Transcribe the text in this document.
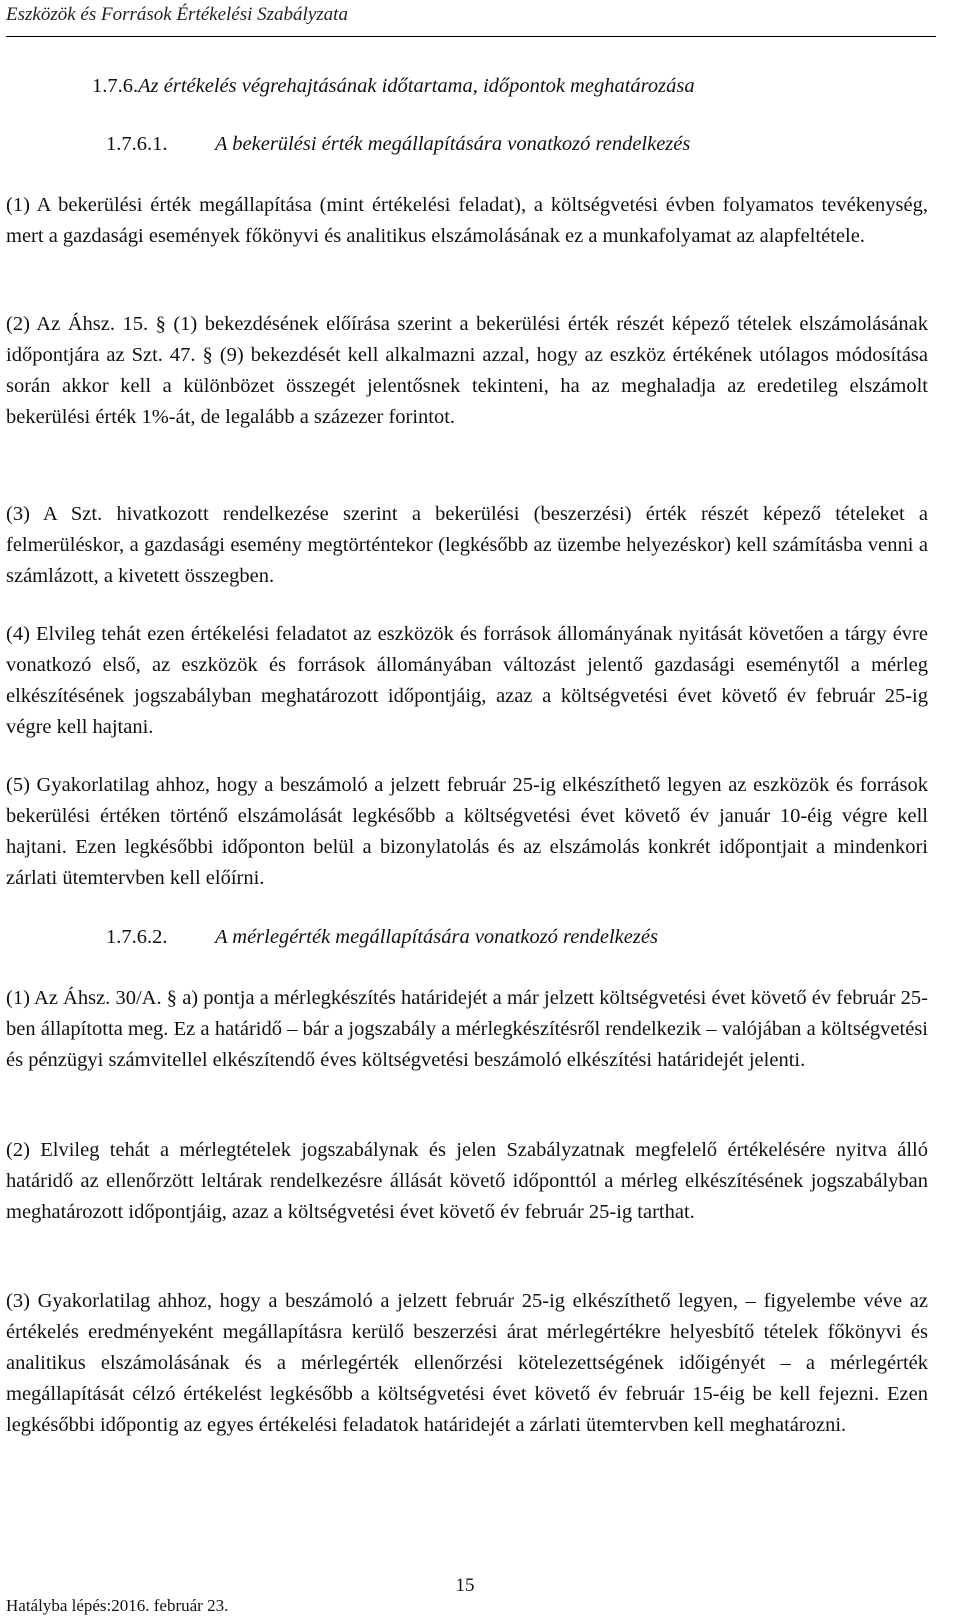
Eszközök és Források Értékelési Szabályzata
1.7.6.Az értékelés végrehajtásának időtartama, időpontok meghatározása
1.7.6.1. A bekerülési érték megállapítására vonatkozó rendelkezés

(1) A bekerülési érték megállapítása (mint értékelési feladat), a költségvetési évben folyamatos tevékenység, mert a gazdasági események főkönyvi és analitikus elszámolásának ez a munkafolyamat az alapfeltétele.

(2) Az Áhsz. 15. § (1) bekezdésének előírása szerint a bekerülési érték részét képező tételek elszámolásának időpontjára az Szt. 47. § (9) bekezdését kell alkalmazni azzal, hogy az eszköz értékének utólagos módosítása során akkor kell a különbözet összegét jelentősnek tekinteni, ha az meghaladja az eredetileg elszámolt bekerülési érték 1%-át, de legalább a százezer forintot.

(3) A Szt. hivatkozott rendelkezése szerint a bekerülési (beszerzési) érték részét képező tételeket a felmerüléskor, a gazdasági esemény megtörténtekor (legkésőbb az üzembe helyezéskor) kell számításba venni a számlázott, a kivetett összegben.

(4) Elvileg tehát ezen értékelési feladatot az eszközök és források állományának nyitását követően a tárgy évre vonatkozó első, az eszközök és források állományában változást jelentő gazdasági eseménytől a mérleg elkészítésének jogszabályban meghatározott időpontjáig, azaz a költségvetési évet követő év február 25-ig végre kell hajtani.

(5) Gyakorlatilag ahhoz, hogy a beszámoló a jelzett február 25-ig elkészíthető legyen az eszközök és források bekerülési értéken történő elszámolását legkésőbb a költségvetési évet követő év január 10-éig végre kell hajtani. Ezen legkésőbbi időponton belül a bizonylatolás és az elszámolás konkrét időpontjait a mindenkori zárlati ütemtervben kell előírni.

1.7.6.2. A mérlegérték megállapítására vonatkozó rendelkezés

(1) Az Áhsz. 30/A. § a) pontja a mérlegkészítés határidejét a már jelzett költségvetési évet követő év február 25-ben állapította meg. Ez a határidő – bár a jogszabály a mérlegkészítésről rendelkezik – valójában a költségvetési és pénzügyi számvitellel elkészítendő éves költségvetési beszámoló elkészítési határidejét jelenti.

(2) Elvileg tehát a mérlegtételek jogszabálynak és jelen Szabályzatnak megfelelő értékelésére nyitva álló határidő az ellenőrzött leltárak rendelkezésre állását követő időponttól a mérleg elkészítésének jogszabályban meghatározott időpontjáig, azaz a költségvetési évet követő év február 25-ig tarthat.

(3) Gyakorlatilag ahhoz, hogy a beszámoló a jelzett február 25-ig elkészíthető legyen, – figyelembe véve az értékelés eredményeként megállapításra kerülő beszerzési árat mérlegértékre helyesbítő tételek főkönyvi és analitikus elszámolásának és a mérlegérték ellenőrzési kötelezettségének időigényét – a mérlegérték megállapítását célzó értékelést legkésőbb a költségvetési évet követő év február 15-éig be kell fejezni. Ezen legkésőbbi időpontig az egyes értékelési feladatok határidejét a zárlati ütemtervben kell meghatározni.

15
Hatályba lépés:2016. február 23.
